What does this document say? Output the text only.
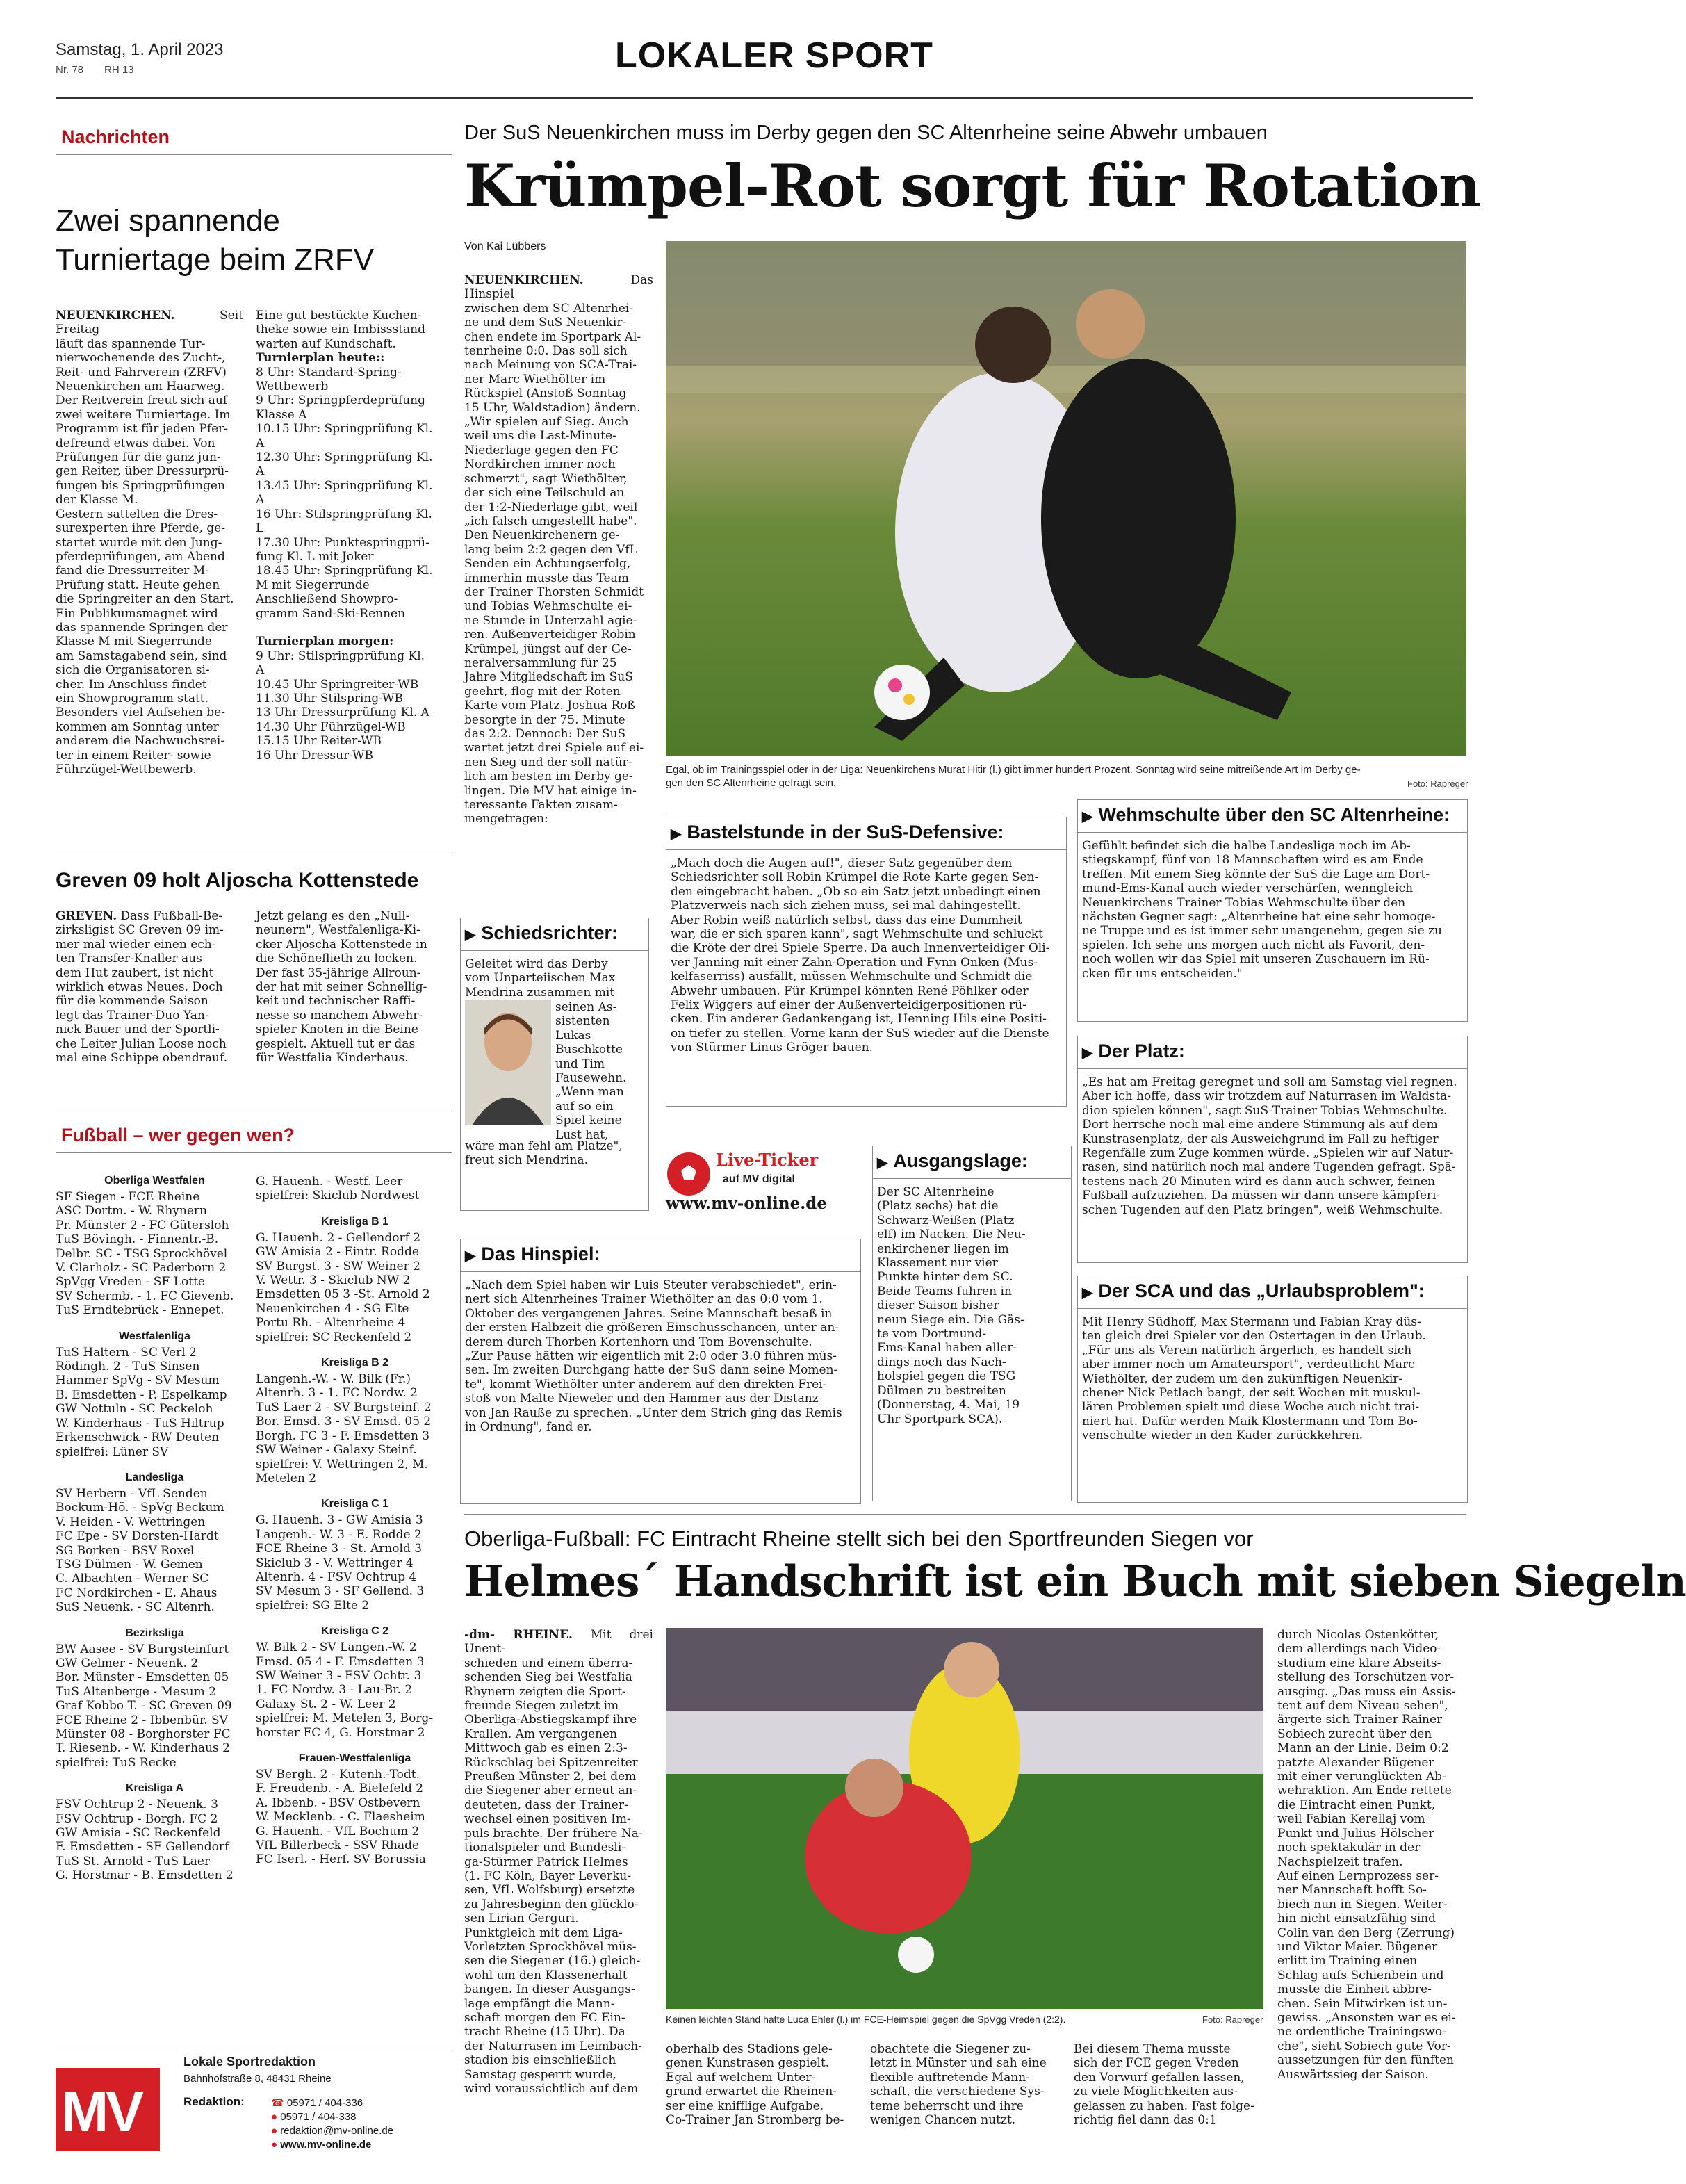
Samstag, 1. April 2023
Nr. 78 RH 13	LOKALER SPORT
Nachrichten
Zwei spannende
Turniertage beim ZRFV
NEUENKIRCHEN.	Seit Freitag
läuft das spannende Tur-
nierwochenende des Zucht-,
Reit- und Fahrverein (ZRFV)
Neuenkirchen am Haarweg.
Der Reitverein freut sich auf
zwei weitere Turniertage. Im
Programm ist für jeden Pfer-
defreund etwas dabei. Von
Prüfungen für die ganz jun-
gen Reiter, über Dressurprü-
fungen bis Springprüfungen
der Klasse M.
Gestern sattelten die Dres-
surexperten ihre Pferde, ge-
startet wurde mit den Jung-
pferdeprüfungen, am Abend
fand die Dressurreiter M-
Prüfung statt. Heute gehen
die Springreiter an den Start.
Ein Publikumsmagnet wird
das spannende Springen der
Klasse M mit Siegerrunde
am Samstagabend sein, sind
sich die Organisatoren si-
cher. Im Anschluss findet
ein Showprogramm statt.
Besonders viel Aufsehen be-
kommen am Sonntag unter
anderem die Nachwuchsrei-
ter in einem Reiter- sowie
Führzügel-Wettbewerb.
Eine gut bestückte Kuchen-
theke sowie ein Imbissstand
warten auf Kundschaft.
Turnierplan heute::
8 Uhr: Standard-Spring-
Wettbewerb
9 Uhr: Springpferdeprüfung
Klasse A
10.15 Uhr: Springprüfung Kl.
A
12.30 Uhr: Springprüfung Kl.
A
13.45 Uhr: Springprüfung Kl.
A
16 Uhr: Stilspringprüfung Kl.
L
17.30 Uhr: Punktespringprü-
fung Kl. L mit Joker
18.45 Uhr: Springprüfung Kl.
M mit Siegerrunde
Anschließend Showpro-
gramm Sand-Ski-Rennen

Turnierplan morgen:
9 Uhr: Stilspringprüfung Kl.
A
10.45 Uhr Springreiter-WB
11.30 Uhr Stilspring-WB
13 Uhr Dressurprüfung Kl. A
14.30 Uhr Führzügel-WB
15.15 Uhr Reiter-WB
16 Uhr Dressur-WB
Greven 09 holt Aljoscha Kottenstede
GREVEN. Dass Fußball-Be-
zirksligist SC Greven 09 im-
mer mal wieder einen ech-
ten Transfer-Knaller aus
dem Hut zaubert, ist nicht
wirklich etwas Neues. Doch
für die kommende Saison
legt das Trainer-Duo Yan-
nick Bauer und der Sportli-
che Leiter Julian Loose noch
mal eine Schippe obendrauf.
Jetzt gelang es den „Null-
neunern", Westfalenliga-Ki-
cker Aljoscha Kottenstede in
die Schöneflieth zu locken.
Der fast 35-jährige Allroun-
der hat mit seiner Schnellig-
keit und technischer Raffi-
nesse so manchem Abwehr-
spieler Knoten in die Beine
gespielt. Aktuell tut er das
für Westfalia Kinderhaus.
Fußball – wer gegen wen?
Oberliga Westfalen
SF Siegen - FCE Rheine
ASC Dortm. - W. Rhynern
Pr. Münster 2 - FC Gütersloh
TuS Bövingh. - Finnentr.-B.
Delbr. SC - TSG Sprockhövel
V. Clarholz - SC Paderborn 2
SpVgg Vreden - SF Lotte
SV Schermb. - 1. FC Gievenb.
TuS Erndtebrück - Ennepet.
Westfalenliga
TuS Haltern - SC Verl 2
Rödingh. 2 - TuS Sinsen
Hammer SpVg - SV Mesum
B. Emsdetten - P. Espelkamp
GW Nottuln - SC Peckeloh
W. Kinderhaus - TuS Hiltrup
Erkenschwick - RW Deuten
spielfrei: Lüner SV
Landesliga
SV Herbern - VfL Senden
Bockum-Hö. - SpVg Beckum
V. Heiden - V. Wettringen
FC Epe - SV Dorsten-Hardt
SG Borken - BSV Roxel
TSG Dülmen - W. Gemen
C. Albachten - Werner SC
FC Nordkirchen - E. Ahaus
SuS Neuenk. - SC Altenrh.
Bezirksliga
BW Aasee - SV Burgsteinfurt
GW Gelmer - Neuenk. 2
Bor. Münster - Emsdetten 05
TuS Altenberge - Mesum 2
Graf Kobbo T. - SC Greven 09
FCE Rheine 2 - Ibbenbür. SV
Münster 08 - Borghorster FC
T. Riesenb. - W. Kinderhaus 2
spielfrei: TuS Recke
Kreisliga A
FSV Ochtrup 2 - Neuenk. 3
FSV Ochtrup - Borgh. FC 2
GW Amisia - SC Reckenfeld
F. Emsdetten - SF Gellendorf
TuS St. Arnold - TuS Laer
G. Horstmar - B. Emsdetten 2
G. Hauenh. - Westf. Leer
spielfrei: Skiclub Nordwest
Kreisliga B 1
G. Hauenh. 2 - Gellendorf 2
GW Amisia 2 - Eintr. Rodde
SV Burgst. 3 - SW Weiner 2
V. Wettr. 3 - Skiclub NW 2
Emsdetten 05 3 -St. Arnold 2
Neuenkirchen 4 - SG Elte
Portu Rh. - Altenrheine 4
spielfrei: SC Reckenfeld 2
Kreisliga B 2
Langenh.-W. - W. Bilk (Fr.)
Altenrh. 3 - 1. FC Nordw. 2
TuS Laer 2 - SV Burgsteinf. 2
Bor. Emsd. 3 - SV Emsd. 05 2
Borgh. FC 3 - F. Emsdetten 3
SW Weiner - Galaxy Steinf.
spielfrei: V. Wettringen 2, M.
Metelen 2
Kreisliga C 1
G. Hauenh. 3 - GW Amisia 3
Langenh.- W. 3 - E. Rodde 2
FCE Rheine 3 - St. Arnold 3
Skiclub 3 - V. Wettringer 4
Altenrh. 4 - FSV Ochtrup 4
SV Mesum 3 - SF Gellend. 3
spielfrei: SG Elte 2
Kreisliga C 2
W. Bilk 2 - SV Langen.-W. 2
Emsd. 05 4 - F. Emsdetten 3
SW Weiner 3 - FSV Ochtr. 3
1. FC Nordw. 3 - Lau-Br. 2
Galaxy St. 2 - W. Leer 2
spielfrei: M. Metelen 3, Borg-
horster FC 4, G. Horstmar 2
Frauen-Westfalenliga
SV Bergh. 2 - Kutenh.-Todt.
F. Freudenb. - A. Bielefeld 2
A. Ibbenb. - BSV Ostbevern
W. Mecklenb. - C. Flaesheim
G. Hauenh. - VfL Bochum 2
VfL Billerbeck - SSV Rhade
FC Iserl. - Herf. SV Borussia
MV
Lokale Sportredaktion
Bahnhofstraße 8, 48431 Rheine
Redaktion:	☎ 05971 / 404-336
● 05971 / 404-338
● redaktion@mv-online.de
● www.mv-online.de
Der SuS Neuenkirchen muss im Derby gegen den SC Altenrheine seine Abwehr umbauen
Krümpel-Rot sorgt für Rotation
Von Kai Lübbers
NEUENKIRCHEN.	Das Hinspiel
zwischen dem SC Altenrhei-
ne und dem SuS Neuenkir-
chen endete im Sportpark Al-
tenrheine 0:0. Das soll sich
nach Meinung von SCA-Trai-
ner Marc Wiethölter im
Rückspiel (Anstoß Sonntag
15 Uhr, Waldstadion) ändern.
„Wir spielen auf Sieg. Auch
weil uns die Last-Minute-
Niederlage gegen den FC
Nordkirchen immer noch
schmerzt", sagt Wiethölter,
der sich eine Teilschuld an
der 1:2-Niederlage gibt, weil
„ich falsch umgestellt habe".
Den Neuenkirchenern ge-
lang beim 2:2 gegen den VfL
Senden ein Achtungserfolg,
immerhin musste das Team
der Trainer Thorsten Schmidt
und Tobias Wehmschulte ei-
ne Stunde in Unterzahl agie-
ren. Außenverteidiger Robin
Krümpel, jüngst auf der Ge-
neralversammlung für 25
Jahre Mitgliedschaft im SuS
geehrt, flog mit der Roten
Karte vom Platz. Joshua Roß
besorgte in der 75. Minute
das 2:2. Dennoch: Der SuS
wartet jetzt drei Spiele auf ei-
nen Sieg und der soll natür-
lich am besten im Derby ge-
lingen. Die MV hat einige in-
teressante Fakten zusam-
mengetragen:
Egal, ob im Trainingsspiel oder in der Liga: Neuenkirchens Murat Hitir (l.) gibt immer hundert Prozent. Sonntag wird seine mitreißende Art im Derby ge-
gen den SC Altenrheine gefragt sein.	Foto: Rapreger
▶ Schiedsrichter:
Geleitet wird das Derby
vom Unparteiischen Max
Mendrina zusammen mit
seinen As-
sistenten
Lukas
Buschkotte
und Tim
Fausewehn.
„Wenn man
auf so ein
Spiel keine
Lust hat,
wäre man fehl am Platze",
freut sich Mendrina.
▶ Bastelstunde in der SuS-Defensive:
„Mach doch die Augen auf!", dieser Satz gegenüber dem
Schiedsrichter soll Robin Krümpel die Rote Karte gegen Sen-
den eingebracht haben. „Ob so ein Satz jetzt unbedingt einen
Platzverweis nach sich ziehen muss, sei mal dahingestellt.
Aber Robin weiß natürlich selbst, dass das eine Dummheit
war, die er sich sparen kann", sagt Wehmschulte und schluckt
die Kröte der drei Spiele Sperre. Da auch Innenverteidiger Oli-
ver Janning mit einer Zahn-Operation und Fynn Onken (Mus-
kelfaserriss) ausfällt, müssen Wehmschulte und Schmidt die
Abwehr umbauen. Für Krümpel könnten René Pöhlker oder
Felix Wiggers auf einer der Außenverteidigerpositionen rü-
cken. Ein anderer Gedankengang ist, Henning Hils eine Positi-
on tiefer zu stellen. Vorne kann der SuS wieder auf die Dienste
von Stürmer Linus Gröger bauen.
Live-Ticker
auf MV digital
www.mv-online.de
▶ Das Hinspiel:
„Nach dem Spiel haben wir Luis Steuter verabschiedet", erin-
nert sich Altenrheines Trainer Wiethölter an das 0:0 vom 1.
Oktober des vergangenen Jahres. Seine Mannschaft besaß in
der ersten Halbzeit die größeren Einschusschancen, unter an-
derem durch Thorben Kortenhorn und Tom Bovenschulte.
„Zur Pause hätten wir eigentlich mit 2:0 oder 3:0 führen müs-
sen. Im zweiten Durchgang hatte der SuS dann seine Momen-
te", kommt Wiethölter unter anderem auf den direkten Frei-
stoß von Malte Nieweler und den Hammer aus der Distanz
von Jan Rauße zu sprechen. „Unter dem Strich ging das Remis
in Ordnung", fand er.
▶ Ausgangslage:
Der SC Altenrheine
(Platz sechs) hat die
Schwarz-Weißen (Platz
elf) im Nacken. Die Neu-
enkirchener liegen im
Klassement nur vier
Punkte hinter dem SC.
Beide Teams fuhren in
dieser Saison bisher
neun Siege ein. Die Gäs-
te vom Dortmund-
Ems-Kanal haben aller-
dings noch das Nach-
holspiel gegen die TSG
Dülmen zu bestreiten
(Donnerstag, 4. Mai, 19
Uhr Sportpark SCA).
▶ Wehmschulte über den SC Altenrheine:
Gefühlt befindet sich die halbe Landesliga noch im Ab-
stiegskampf, fünf von 18 Mannschaften wird es am Ende
treffen. Mit einem Sieg könnte der SuS die Lage am Dort-
mund-Ems-Kanal auch wieder verschärfen, wenngleich
Neuenkirchens Trainer Tobias Wehmschulte über den
nächsten Gegner sagt: „Altenrheine hat eine sehr homoge-
ne Truppe und es ist immer sehr unangenehm, gegen sie zu
spielen. Ich sehe uns morgen auch nicht als Favorit, den-
noch wollen wir das Spiel mit unseren Zuschauern im Rü-
cken für uns entscheiden."
▶ Der Platz:
„Es hat am Freitag geregnet und soll am Samstag viel regnen.
Aber ich hoffe, dass wir trotzdem auf Naturrasen im Waldsta-
dion spielen können", sagt SuS-Trainer Tobias Wehmschulte.
Dort herrsche noch mal eine andere Stimmung als auf dem
Kunstrasenplatz, der als Ausweichgrund im Fall zu heftiger
Regenfälle zum Zuge kommen würde. „Spielen wir auf Natur-
rasen, sind natürlich noch mal andere Tugenden gefragt. Spä-
testens nach 20 Minuten wird es dann auch schwer, feinen
Fußball aufzuziehen. Da müssen wir dann unsere kämpferi-
schen Tugenden auf den Platz bringen", weiß Wehmschulte.
▶ Der SCA und das „Urlaubsproblem":
Mit Henry Südhoff, Max Stermann und Fabian Kray düs-
ten gleich drei Spieler vor den Ostertagen in den Urlaub.
„Für uns als Verein natürlich ärgerlich, es handelt sich
aber immer noch um Amateursport", verdeutlicht Marc
Wiethölter, der zudem um den zukünftigen Neuenkir-
chener Nick Petlach bangt, der seit Wochen mit muskul-
lären Problemen spielt und diese Woche auch nicht trai-
niert hat. Dafür werden Maik Klostermann und Tom Bo-
venschulte wieder in den Kader zurückkehren.
Oberliga-Fußball: FC Eintracht Rheine stellt sich bei den Sportfreunden Siegen vor
Helmes´ Handschrift ist ein Buch mit sieben Siegeln
-dm- RHEINE. Mit drei Unent-
schieden und einem überra-
schenden Sieg bei Westfalia
Rhynern zeigten die Sport-
freunde Siegen zuletzt im
Oberliga-Abstiegskampf ihre
Krallen. Am vergangenen
Mittwoch gab es einen 2:3-
Rückschlag bei Spitzenreiter
Preußen Münster 2, bei dem
die Siegener aber erneut an-
deuteten, dass der Trainer-
wechsel einen positiven Im-
puls brachte. Der frühere Na-
tionalspieler und Bundesli-
ga-Stürmer Patrick Helmes
(1. FC Köln, Bayer Leverku-
sen, VfL Wolfsburg) ersetzte
zu Jahresbeginn den glücklo-
sen Lirian Gerguri.
Punktgleich mit dem Liga-
Vorletzten Sprockhövel müs-
sen die Siegener (16.) gleich-
wohl um den Klassenerhalt
bangen. In dieser Ausgangs-
lage empfängt die Mann-
schaft morgen den FC Ein-
tracht Rheine (15 Uhr). Da
der Naturrasen im Leimbach-
stadion bis einschließlich
Samstag gesperrt wurde,
wird voraussichtlich auf dem
Keinen leichten Stand hatte Luca Ehler (l.) im FCE-Heimspiel gegen die SpVgg Vreden (2:2).	Foto: Rapreger
oberhalb des Stadions gele-
genen Kunstrasen gespielt.
Egal auf welchem Unter-
grund erwartet die Rheinen-
ser eine knifflige Aufgabe.
Co-Trainer Jan Stromberg be-
obachtete die Siegener zu-
letzt in Münster und sah eine
flexible auftretende Mann-
schaft, die verschiedene Sys-
teme beherrscht und ihre
wenigen Chancen nutzt.
Bei diesem Thema musste
sich der FCE gegen Vreden
den Vorwurf gefallen lassen,
zu viele Möglichkeiten aus-
gelassen zu haben. Fast folge-
richtig fiel dann das 0:1
durch Nicolas Ostenkötter,
dem allerdings nach Video-
studium eine klare Abseits-
stellung des Torschützen vor-
ausging. „Das muss ein Assis-
tent auf dem Niveau sehen",
ärgerte sich Trainer Rainer
Sobiech zurecht über den
Mann an der Linie. Beim 0:2
patzte Alexander Bügener
mit einer verunglückten Ab-
wehraktion. Am Ende rettete
die Eintracht einen Punkt,
weil Fabian Kerellaj vom
Punkt und Julius Hölscher
noch spektakulär in der
Nachspielzeit trafen.
Auf einen Lernprozess ser-
ner Mannschaft hofft So-
biech nun in Siegen. Weiter-
hin nicht einsatzfähig sind
Colin van den Berg (Zerrung)
und Viktor Maier. Bügener
erlitt im Training einen
Schlag aufs Schienbein und
musste die Einheit abbre-
chen. Sein Mitwirken ist un-
gewiss. „Ansonsten war es ei-
ne ordentliche Trainingswo-
che", sieht Sobiech gute Vor-
aussetzungen für den fünften
Auswärtssieg der Saison.
